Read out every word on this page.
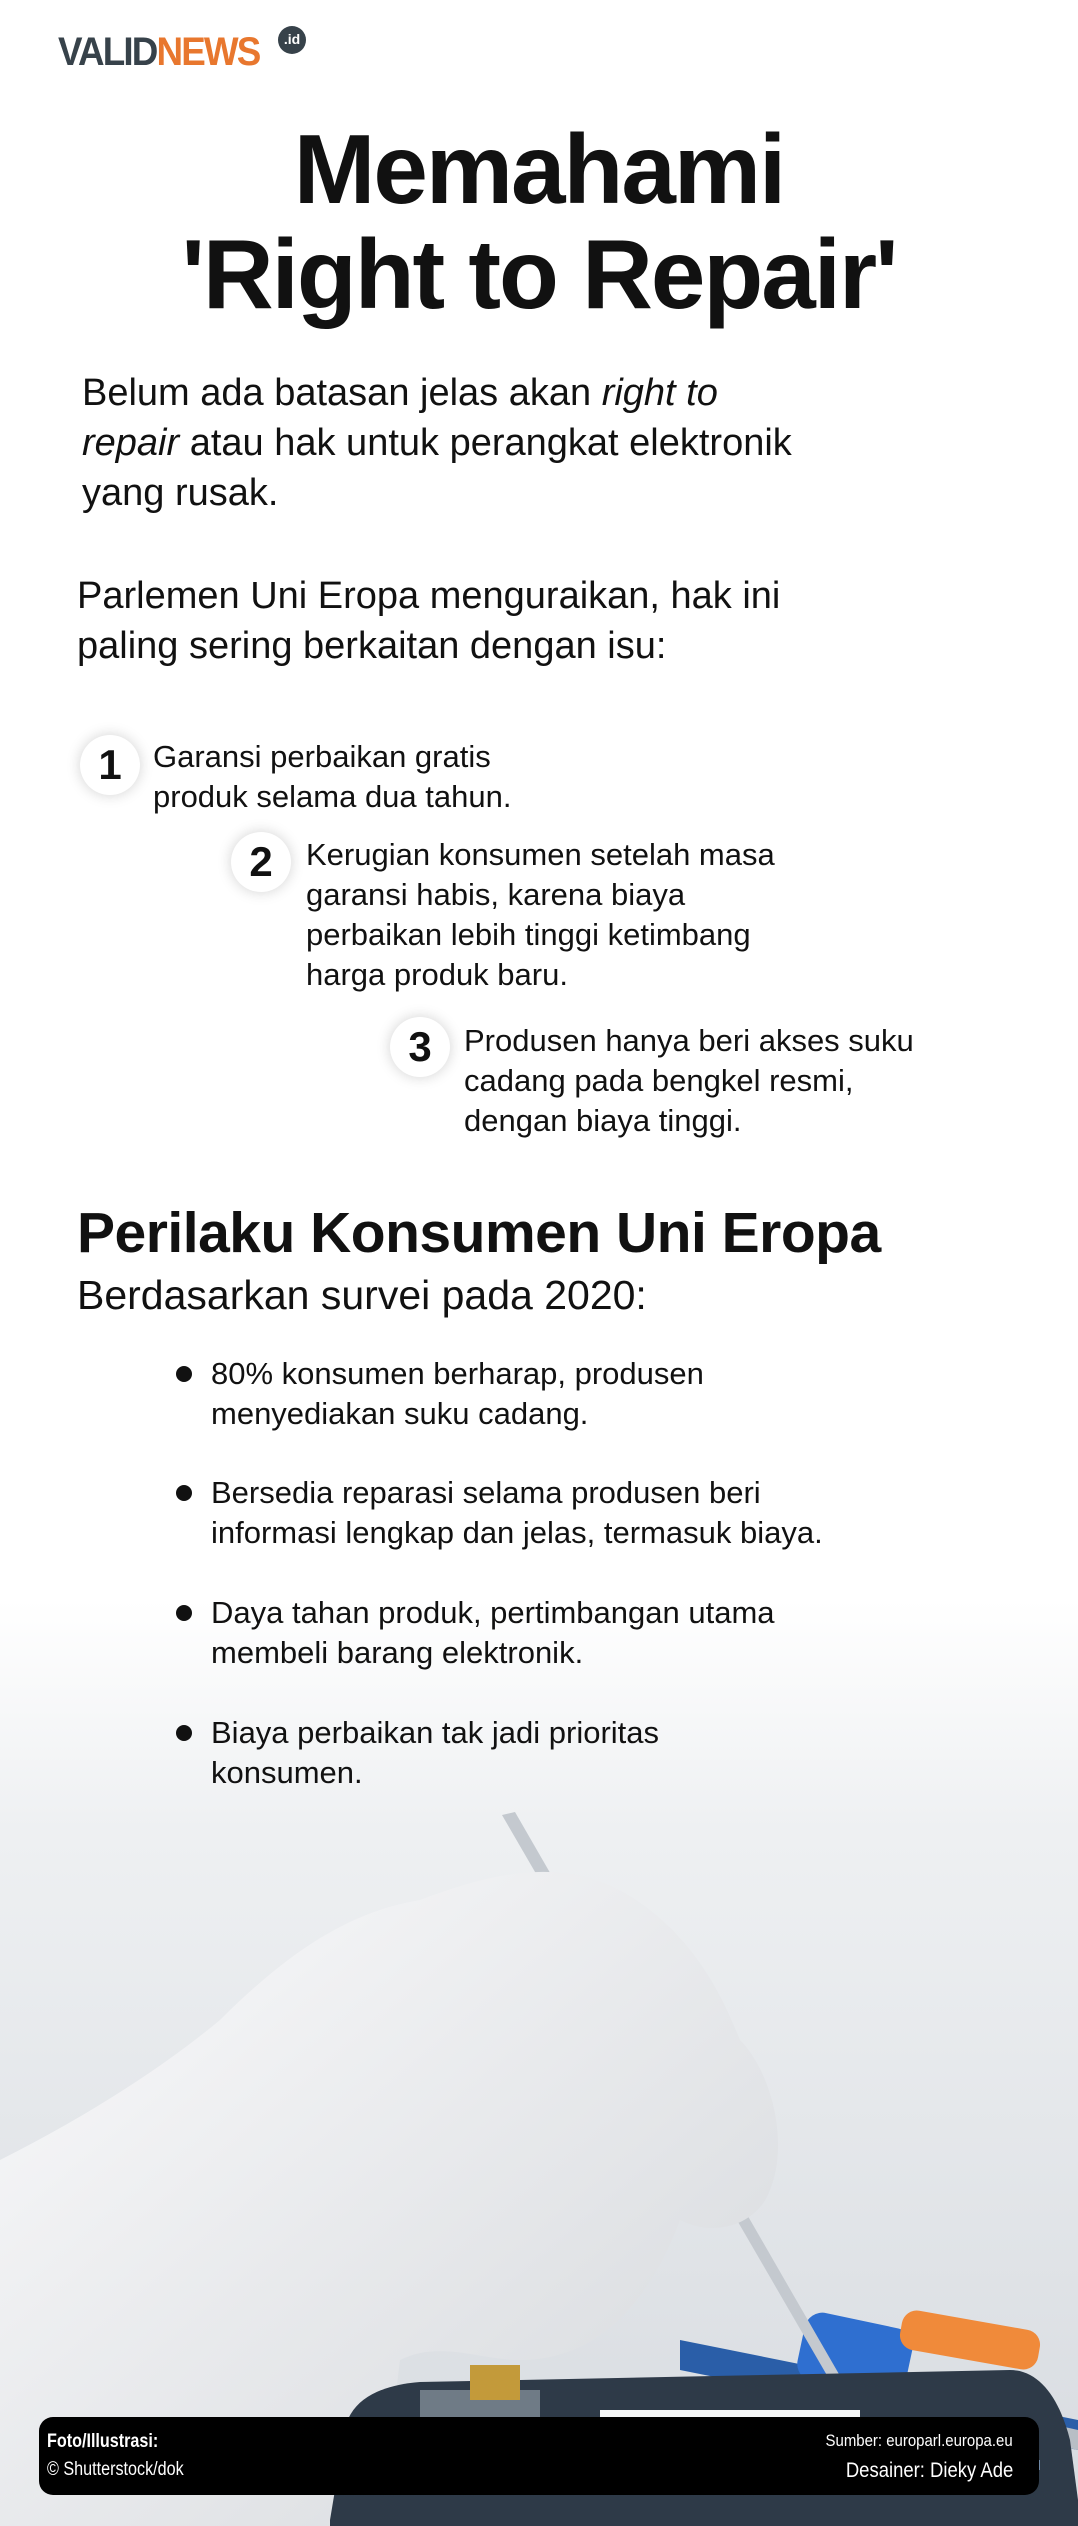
VALIDNEWS	.id
Memahami
'Right to Repair'
Belum ada batasan jelas akan right to
repair atau hak untuk perangkat elektronik
yang rusak.
Parlemen Uni Eropa menguraikan, hak ini
paling sering berkaitan dengan isu:
1	Garansi perbaikan gratis
produk selama dua tahun.
2	Kerugian konsumen setelah masa
garansi habis, karena biaya
perbaikan lebih tinggi ketimbang
harga produk baru.
3	Produsen hanya beri akses suku
cadang pada bengkel resmi,
dengan biaya tinggi.
Perilaku Konsumen Uni Eropa
Berdasarkan survei pada 2020:
80% konsumen berharap, produsen
menyediakan suku cadang.
Bersedia reparasi selama produsen beri
informasi lengkap dan jelas, termasuk biaya.
Daya tahan produk, pertimbangan utama
membeli barang elektronik.
Biaya perbaikan tak jadi prioritas
konsumen.
Foto/Illustrasi:
© Shutterstock/dok
Sumber: europarl.europa.eu
Desainer: Dieky Ade
